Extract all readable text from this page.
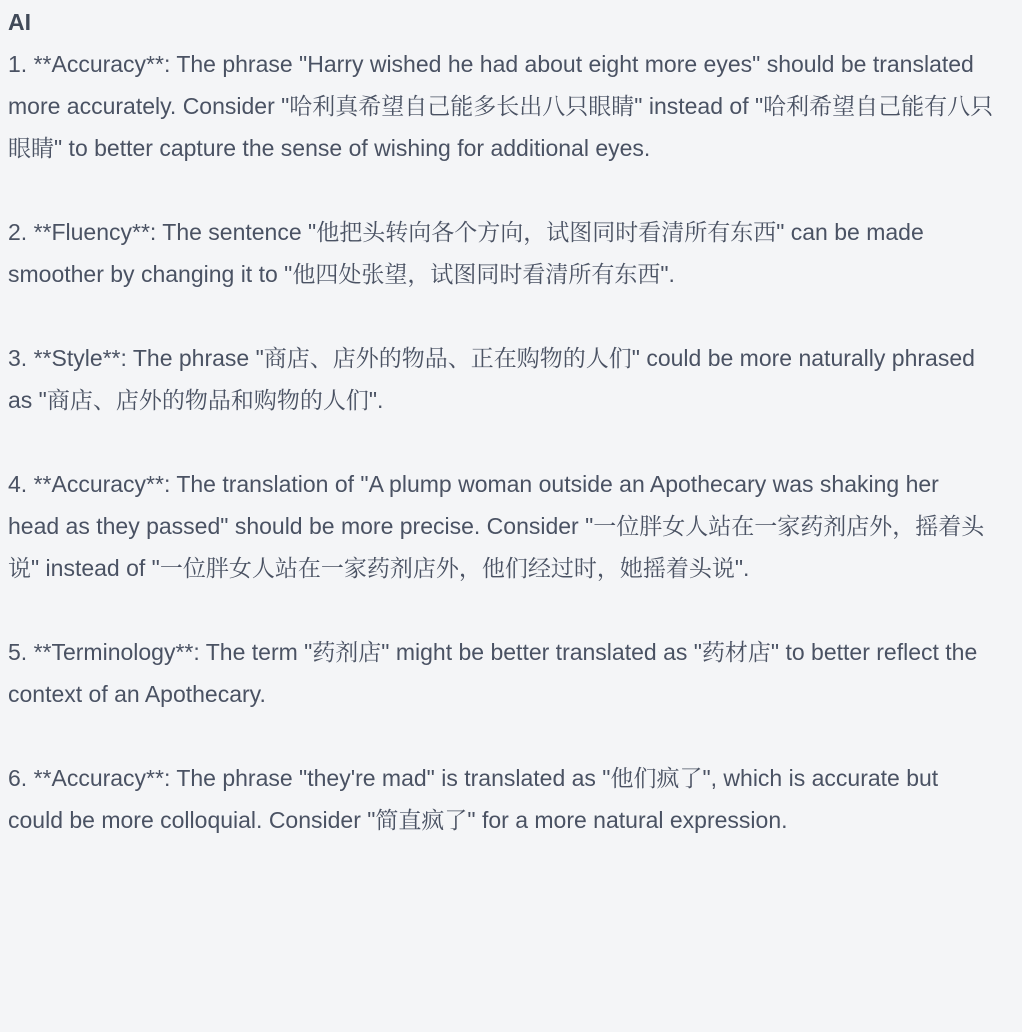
AI

1. **Accuracy**: The phrase "Harry wished he had about eight more eyes" should be translated more accurately. Consider "哈利真希望自己能多长出八只眼睛" instead of "哈利希望自己能有八只眼睛" to better capture the sense of wishing for additional eyes.

2. **Fluency**: The sentence "他把头转向各个方向，试图同时看清所有东西" can be made smoother by changing it to "他四处张望，试图同时看清所有东西".

3. **Style**: The phrase "商店、店外的物品、正在购物的人们" could be more naturally phrased as "商店、店外的物品和购物的人们".

4. **Accuracy**: The translation of "A plump woman outside an Apothecary was shaking her head as they passed" should be more precise. Consider "一位胖女人站在一家药剂店外，摇着头说" instead of "一位胖女人站在一家药剂店外，他们经过时，她摇着头说".

5. **Terminology**: The term "药剂店" might be better translated as "药材店" to better reflect the context of an Apothecary.

6. **Accuracy**: The phrase "they're mad" is translated as "他们疯了", which is accurate but could be more colloquial. Consider "简直疯了" for a more natural expression.
